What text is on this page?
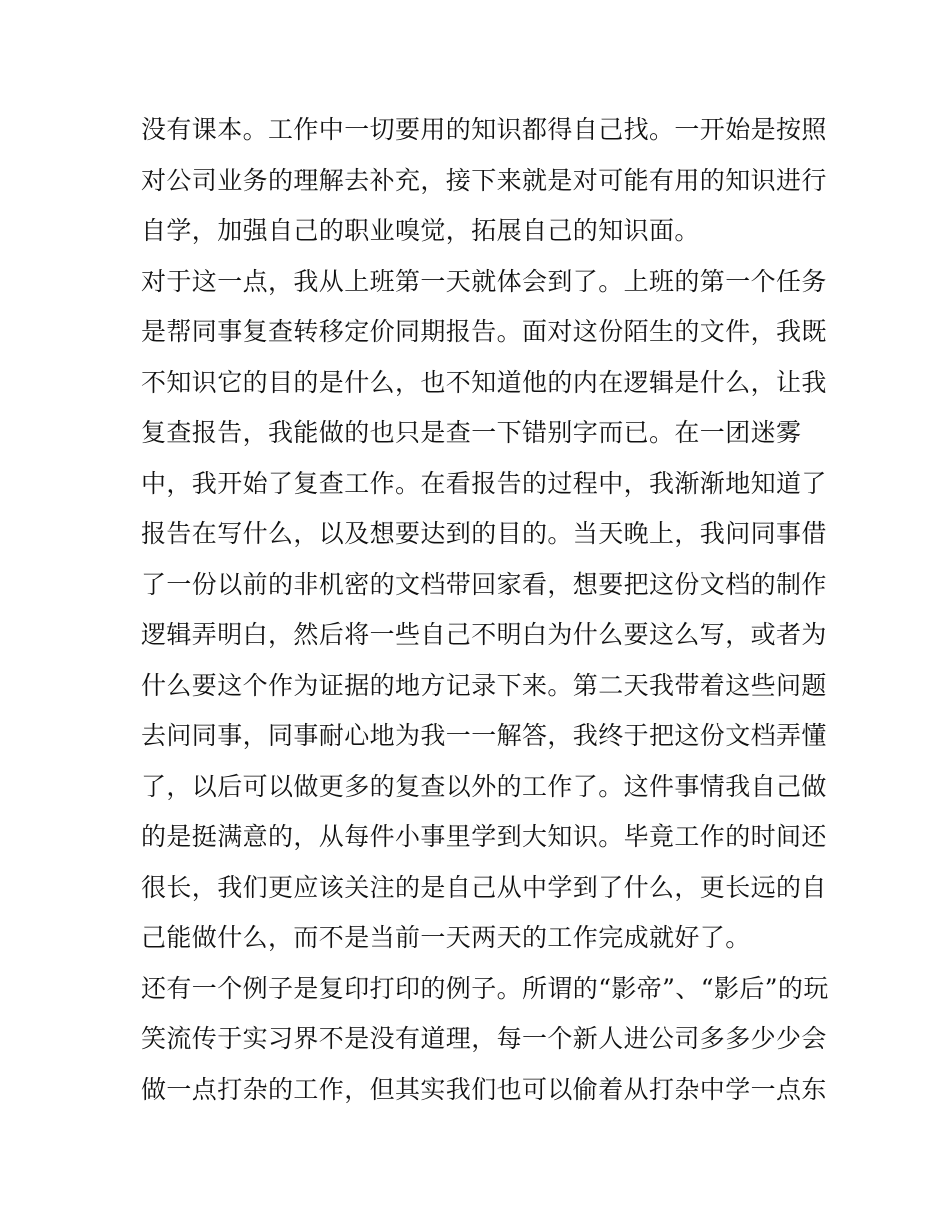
没有课本。工作中一切要用的知识都得自己找。一开始是按照
对公司业务的理解去补充，接下来就是对可能有用的知识进行
自学，加强自己的职业嗅觉，拓展自己的知识面。
对于这一点，我从上班第一天就体会到了。上班的第一个任务
是帮同事复查转移定价同期报告。面对这份陌生的文件，我既
不知识它的目的是什么，也不知道他的内在逻辑是什么，让我
复查报告，我能做的也只是查一下错别字而已。在一团迷雾
中，我开始了复查工作。在看报告的过程中，我渐渐地知道了
报告在写什么，以及想要达到的目的。当天晚上，我问同事借
了一份以前的非机密的文档带回家看，想要把这份文档的制作
逻辑弄明白，然后将一些自己不明白为什么要这么写，或者为
什么要这个作为证据的地方记录下来。第二天我带着这些问题
去问同事，同事耐心地为我一一解答，我终于把这份文档弄懂
了，以后可以做更多的复查以外的工作了。这件事情我自己做
的是挺满意的，从每件小事里学到大知识。毕竟工作的时间还
很长，我们更应该关注的是自己从中学到了什么，更长远的自
己能做什么，而不是当前一天两天的工作完成就好了。
还有一个例子是复印打印的例子。所谓的“影帝”、“影后”的玩
笑流传于实习界不是没有道理，每一个新人进公司多多少少会
做一点打杂的工作，但其实我们也可以偷着从打杂中学一点东
